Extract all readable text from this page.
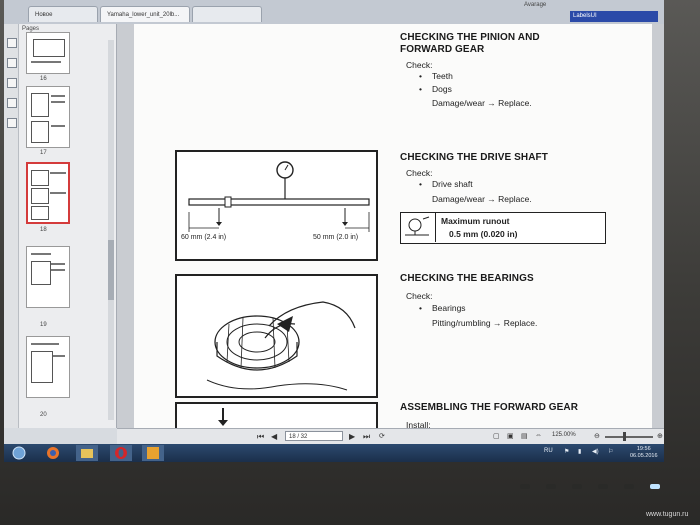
Новое	Yamaha_lower_unit_20lb...
Avarage
LabelsUI
Pages
16
17
18
19
20
CHECKING THE PINION AND
FORWARD GEAR
Check:
• Teeth
• Dogs
Damage/wear → Replace.
60 mm (2.4 in)	50 mm (2.0 in)
CHECKING THE DRIVE SHAFT
Check:
• Drive shaft
Damage/wear → Replace.
Maximum runout
0.5 mm (0.020 in)
CHECKING THE BEARINGS
Check:
• Bearings
Pitting/rumbling → Replace.
ASSEMBLING THE FORWARD GEAR
Install:
⏮ ◀	18 / 32	▶ ⏭ ⟳	▢ ▣ ▤ ⇔ 125.00%	⊖	⊕
RU ⚑ ▮ ◀) ⚐	19:56
06.05.2016
www.tugun.ru
